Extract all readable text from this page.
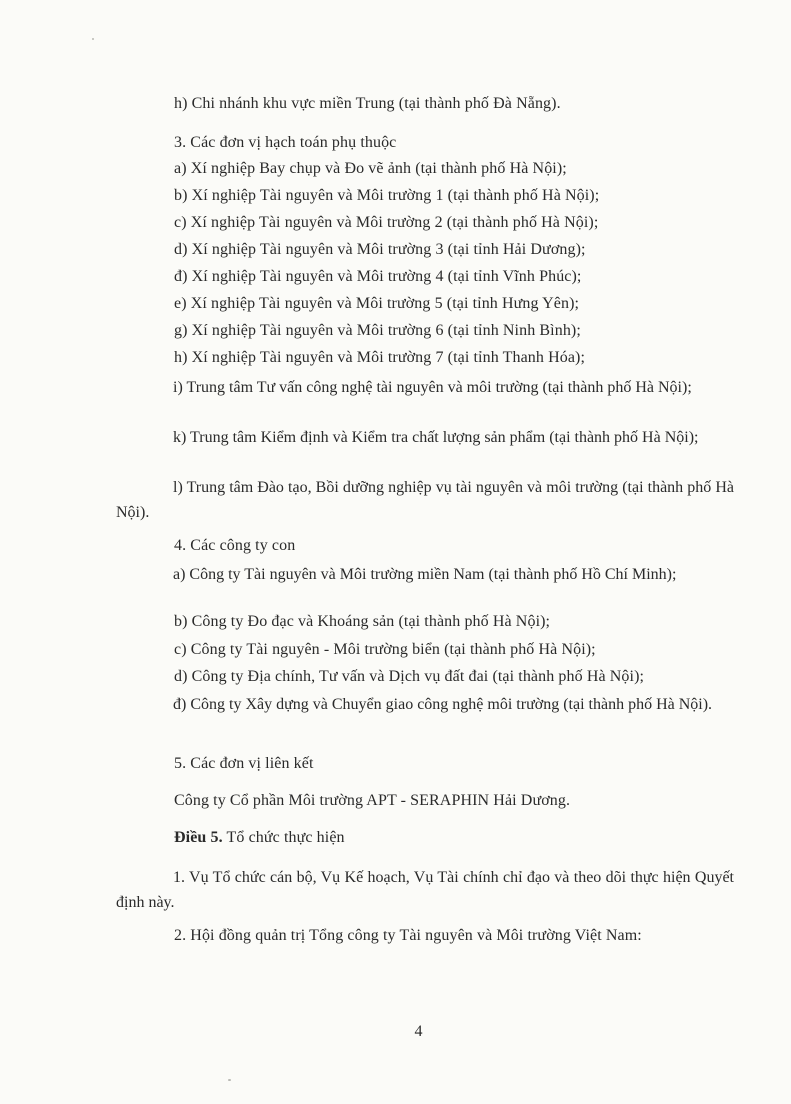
h) Chi nhánh khu vực miền Trung (tại thành phố Đà Nẵng).
3. Các đơn vị hạch toán phụ thuộc
a) Xí nghiệp Bay chụp và Đo vẽ ảnh (tại thành phố Hà Nội);
b) Xí nghiệp Tài nguyên và Môi trường 1 (tại thành phố Hà Nội);
c) Xí nghiệp Tài nguyên và Môi trường 2 (tại thành phố Hà Nội);
d) Xí nghiệp Tài nguyên và Môi trường 3 (tại tỉnh Hải Dương);
đ) Xí nghiệp Tài nguyên và Môi trường 4 (tại tỉnh Vĩnh Phúc);
e) Xí nghiệp Tài nguyên và Môi trường 5 (tại tỉnh Hưng Yên);
g) Xí nghiệp Tài nguyên và Môi trường 6 (tại tỉnh Ninh Bình);
h) Xí nghiệp Tài nguyên và Môi trường 7 (tại tỉnh Thanh Hóa);
i) Trung tâm Tư vấn công nghệ tài nguyên và môi trường (tại thành phố Hà Nội);
k) Trung tâm Kiểm định và Kiểm tra chất lượng sản phẩm (tại thành phố Hà Nội);
l) Trung tâm Đào tạo, Bồi dưỡng nghiệp vụ tài nguyên và môi trường (tại thành phố Hà Nội).
4. Các công ty con
a) Công ty Tài nguyên và Môi trường miền Nam (tại thành phố Hồ Chí Minh);
b) Công ty Đo đạc và Khoáng sản (tại thành phố Hà Nội);
c) Công ty Tài nguyên - Môi trường biển (tại thành phố Hà Nội);
d) Công ty Địa chính, Tư vấn và Dịch vụ đất đai (tại thành phố Hà Nội);
đ) Công ty Xây dựng và Chuyển giao công nghệ môi trường (tại thành phố Hà Nội).
5. Các đơn vị liên kết
Công ty Cổ phần Môi trường APT - SERAPHIN Hải Dương.
Điều 5. Tổ chức thực hiện
1. Vụ Tổ chức cán bộ, Vụ Kế hoạch, Vụ Tài chính chỉ đạo và theo dõi thực hiện Quyết định này.
2. Hội đồng quản trị Tổng công ty Tài nguyên và Môi trường Việt Nam:
4
